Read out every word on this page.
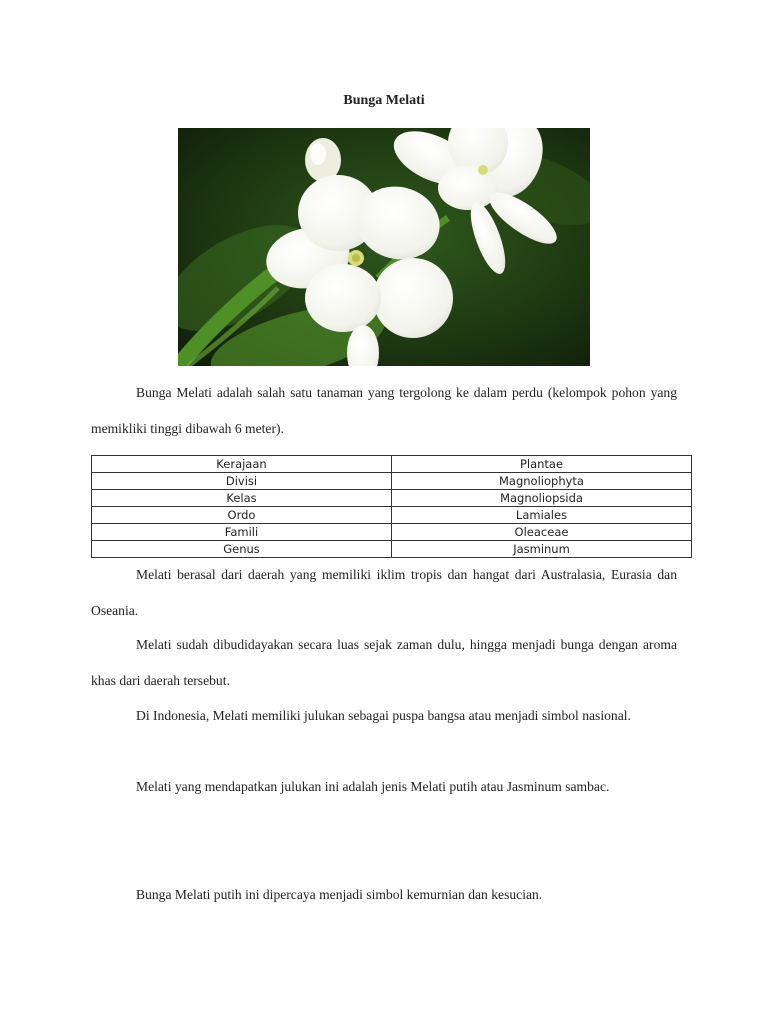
Bunga Melati

Bunga Melati adalah salah satu tanaman yang tergolong ke dalam perdu (kelompok pohon yang memikliki tinggi dibawah 6 meter).

Kerajaan	Plantae
Divisi	Magnoliophyta
Kelas	Magnoliopsida
Ordo	Lamiales
Famili	Oleaceae
Genus	Jasminum

Melati berasal dari daerah yang memiliki iklim tropis dan hangat dari Australasia, Eurasia dan Oseania.

Melati sudah dibudidayakan secara luas sejak zaman dulu, hingga menjadi bunga dengan aroma khas dari daerah tersebut.

Di Indonesia, Melati memiliki julukan sebagai puspa bangsa atau menjadi simbol nasional.

Melati yang mendapatkan julukan ini adalah jenis Melati putih atau Jasminum sambac.

Bunga Melati putih ini dipercaya menjadi simbol kemurnian dan kesucian.
